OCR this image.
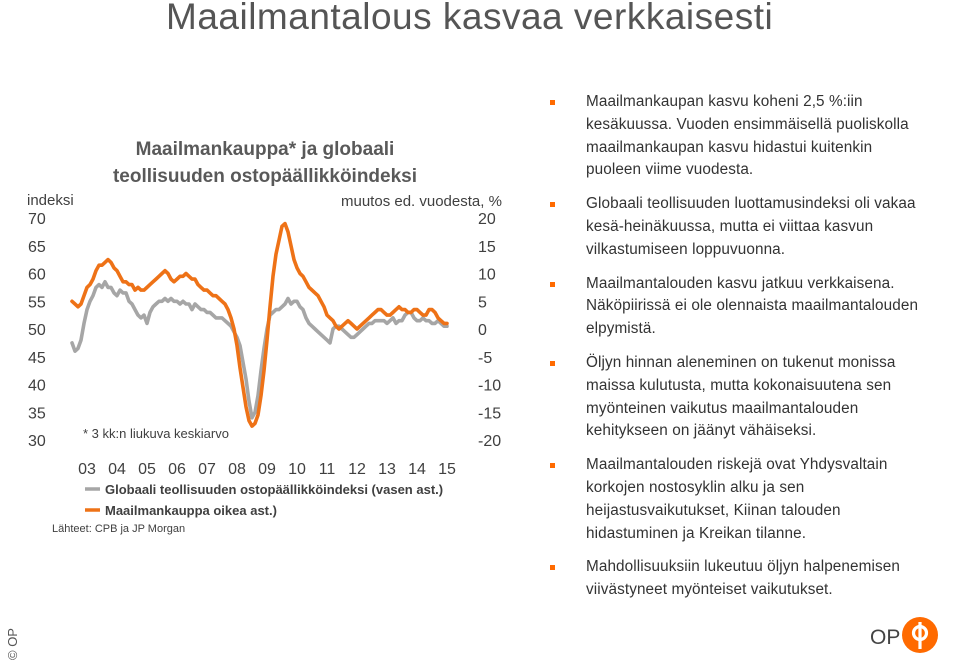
Maailmantalous kasvaa verkkaisesti
Maailmankauppa* ja globaali
teollisuuden ostopäällikköindeksi
indeksi	muutos ed. vuodesta, %
70
65
60
55
50
45
40
35
30
20
15
10
5
0
-5
-10
-15
-20
03 04 05 06 07 08 09 10 11 12 13 14 15
* 3 kk:n liukuva keskiarvo
Globaali teollisuuden ostopäällikköindeksi (vasen ast.)
Maailmankauppa oikea ast.)
Lähteet: CPB ja JP Morgan
Maailmankaupan kasvu koheni 2,5 %:iin kesäkuussa. Vuoden ensimmäisellä puoliskolla maailmankaupan kasvu hidastui kuitenkin puoleen viime vuodesta.
Globaali teollisuuden luottamusindeksi oli vakaa kesä-heinäkuussa, mutta ei viittaa kasvun vilkastumiseen loppuvuonna.
Maailmantalouden kasvu jatkuu verkkaisena. Näköpiirissä ei ole olennaista maailmantalouden elpymistä.
Öljyn hinnan aleneminen on tukenut monissa maissa kulutusta, mutta kokonaisuutena sen myönteinen vaikutus maailmantalouden kehitykseen on jäänyt vähäiseksi.
Maailmantalouden riskejä ovat Yhdysvaltain korkojen nostosyklin alku ja sen heijastusvaikutukset, Kiinan talouden hidastuminen ja Kreikan tilanne.
Mahdollisuuksiin lukeutuu öljyn halpenemisen viivästyneet myönteiset vaikutukset.
© OP	OP
